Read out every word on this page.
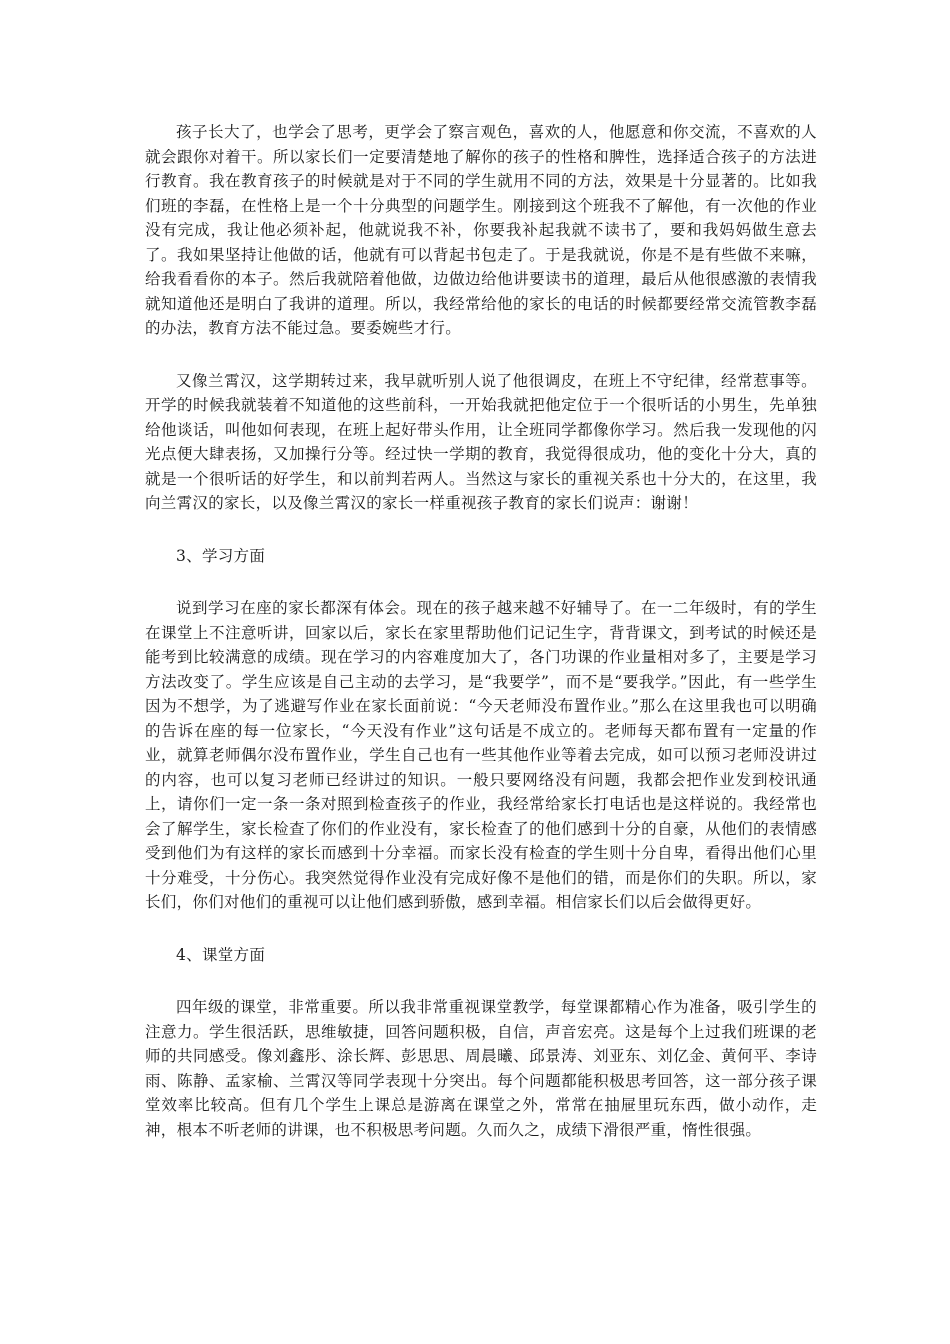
孩子长大了，也学会了思考，更学会了察言观色，喜欢的人，他愿意和你交流，不喜欢的人就会跟你对着干。所以家长们一定要清楚地了解你的孩子的性格和脾性，选择适合孩子的方法进行教育。我在教育孩子的时候就是对于不同的学生就用不同的方法，效果是十分显著的。比如我们班的李磊，在性格上是一个十分典型的问题学生。刚接到这个班我不了解他，有一次他的作业没有完成，我让他必须补起，他就说我不补，你要我补起我就不读书了，要和我妈妈做生意去了。我如果坚持让他做的话，他就有可以背起书包走了。于是我就说，你是不是有些做不来嘛，给我看看你的本子。然后我就陪着他做，边做边给他讲要读书的道理，最后从他很感激的表情我就知道他还是明白了我讲的道理。所以，我经常给他的家长的电话的时候都要经常交流管教李磊的办法，教育方法不能过急。要委婉些才行。

又像兰霄汉，这学期转过来，我早就听别人说了他很调皮，在班上不守纪律，经常惹事等。开学的时候我就装着不知道他的这些前科，一开始我就把他定位于一个很听话的小男生，先单独给他谈话，叫他如何表现，在班上起好带头作用，让全班同学都像你学习。然后我一发现他的闪光点便大肆表扬，又加操行分等。经过快一学期的教育，我觉得很成功，他的变化十分大，真的就是一个很听话的好学生，和以前判若两人。当然这与家长的重视关系也十分大的，在这里，我向兰霄汉的家长，以及像兰霄汉的家长一样重视孩子教育的家长们说声：谢谢！

3、学习方面

说到学习在座的家长都深有体会。现在的孩子越来越不好辅导了。在一二年级时，有的学生在课堂上不注意听讲，回家以后，家长在家里帮助他们记记生字，背背课文，到考试的时候还是能考到比较满意的成绩。现在学习的内容难度加大了，各门功课的作业量相对多了，主要是学习方法改变了。学生应该是自己主动的去学习，是“我要学”，而不是“要我学。”因此，有一些学生因为不想学，为了逃避写作业在家长面前说：“今天老师没布置作业。”那么在这里我也可以明确的告诉在座的每一位家长，“今天没有作业”这句话是不成立的。老师每天都布置有一定量的作业，就算老师偶尔没布置作业，学生自己也有一些其他作业等着去完成，如可以预习老师没讲过的内容，也可以复习老师已经讲过的知识。一般只要网络没有问题，我都会把作业发到校讯通上，请你们一定一条一条对照到检查孩子的作业，我经常给家长打电话也是这样说的。我经常也会了解学生，家长检查了你们的作业没有，家长检查了的他们感到十分的自豪，从他们的表情感受到他们为有这样的家长而感到十分幸福。而家长没有检查的学生则十分自卑，看得出他们心里十分难受，十分伤心。我突然觉得作业没有完成好像不是他们的错，而是你们的失职。所以，家长们，你们对他们的重视可以让他们感到骄傲，感到幸福。相信家长们以后会做得更好。

4、课堂方面

四年级的课堂，非常重要。所以我非常重视课堂教学，每堂课都精心作为准备，吸引学生的注意力。学生很活跃，思维敏捷，回答问题积极，自信，声音宏亮。这是每个上过我们班课的老师的共同感受。像刘鑫彤、涂长辉、彭思思、周晨曦、邱景涛、刘亚东、刘亿金、黄何平、李诗雨、陈静、孟家榆、兰霄汉等同学表现十分突出。每个问题都能积极思考回答，这一部分孩子课堂效率比较高。但有几个学生上课总是游离在课堂之外，常常在抽屉里玩东西，做小动作，走神，根本不听老师的讲课，也不积极思考问题。久而久之，成绩下滑很严重，惰性很强。
